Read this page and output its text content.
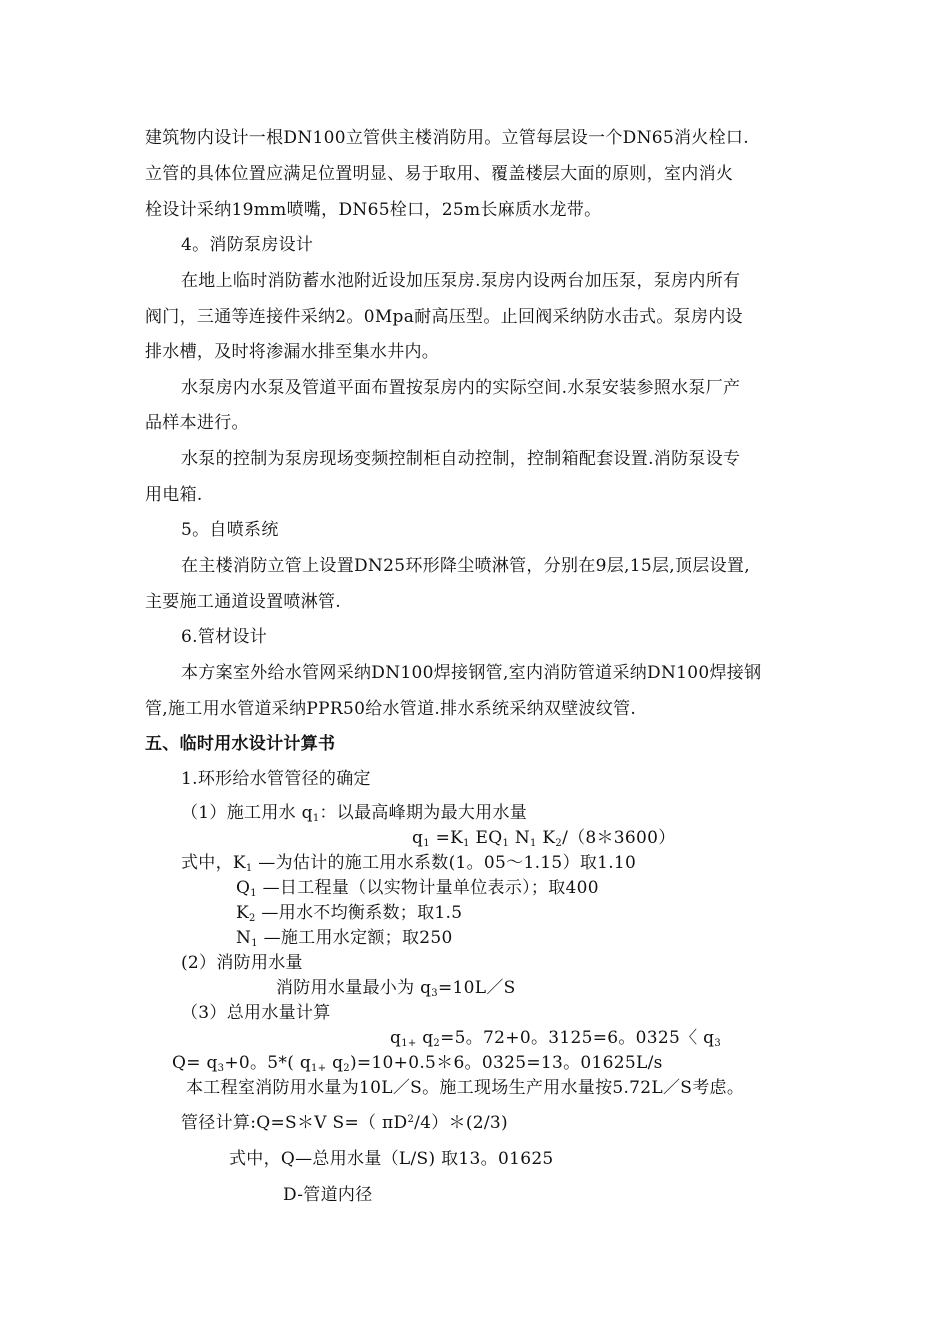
建筑物内设计一根DN100立管供主楼消防用。立管每层设一个DN65消火栓口.
立管的具体位置应满足位置明显、易于取用、覆盖楼层大面的原则，室内消火
栓设计采纳19mm喷嘴，DN65栓口，25m长麻质水龙带。
4。消防泵房设计
在地上临时消防蓄水池附近设加压泵房.泵房内设两台加压泵，泵房内所有
阀门，三通等连接件采纳2。0Mpa耐高压型。止回阀采纳防水击式。泵房内设
排水槽，及时将渗漏水排至集水井内。
水泵房内水泵及管道平面布置按泵房内的实际空间.水泵安装参照水泵厂产
品样本进行。
水泵的控制为泵房现场变频控制柜自动控制，控制箱配套设置.消防泵设专
用电箱.
5。自喷系统
在主楼消防立管上设置DN25环形降尘喷淋管，分别在9层,15层,顶层设置,
主要施工通道设置喷淋管.
6.管材设计
本方案室外给水管网采纳DN100焊接钢管,室内消防管道采纳DN100焊接钢
管,施工用水管道采纳PPR50给水管道.排水系统采纳双壁波纹管.
五、临时用水设计计算书
1.环形给水管管径的确定
（1）施工用水 $q_1$：以最高峰期为最大用水量
$q_1 =K_1$ $EQ_1$ $N_1$ $K_2/(8*3600)$
式中，$K_1$ —为估计的施工用水系数(1。05～1.15）取1.10
$Q_1$ —日工程量（以实物计量单位表示）；取400
$K_2$ —用水不均衡系数；取1.5
$N_1$ —施工用水定额；取250
(2）消防用水量
消防用水量最小为 $q_3=10L/S$
（3）总用水量计算
$q_{1+}$ $q_2=5$。72+0。3125=6。0325〈 $q_3$
$Q= q_3+0$。5*( $q_{1+}$ $q_2)=10+0.5*6$。0325=13。01625L/s
本工程室消防用水量为10L／S。施工现场生产用水量按5.72L／S考虑。
管径计算:Q=S＊V S=（ $\pi D^2/4)*(2/3)$
式中，Q—总用水量（L/S) 取13。01625
D-管道内径
